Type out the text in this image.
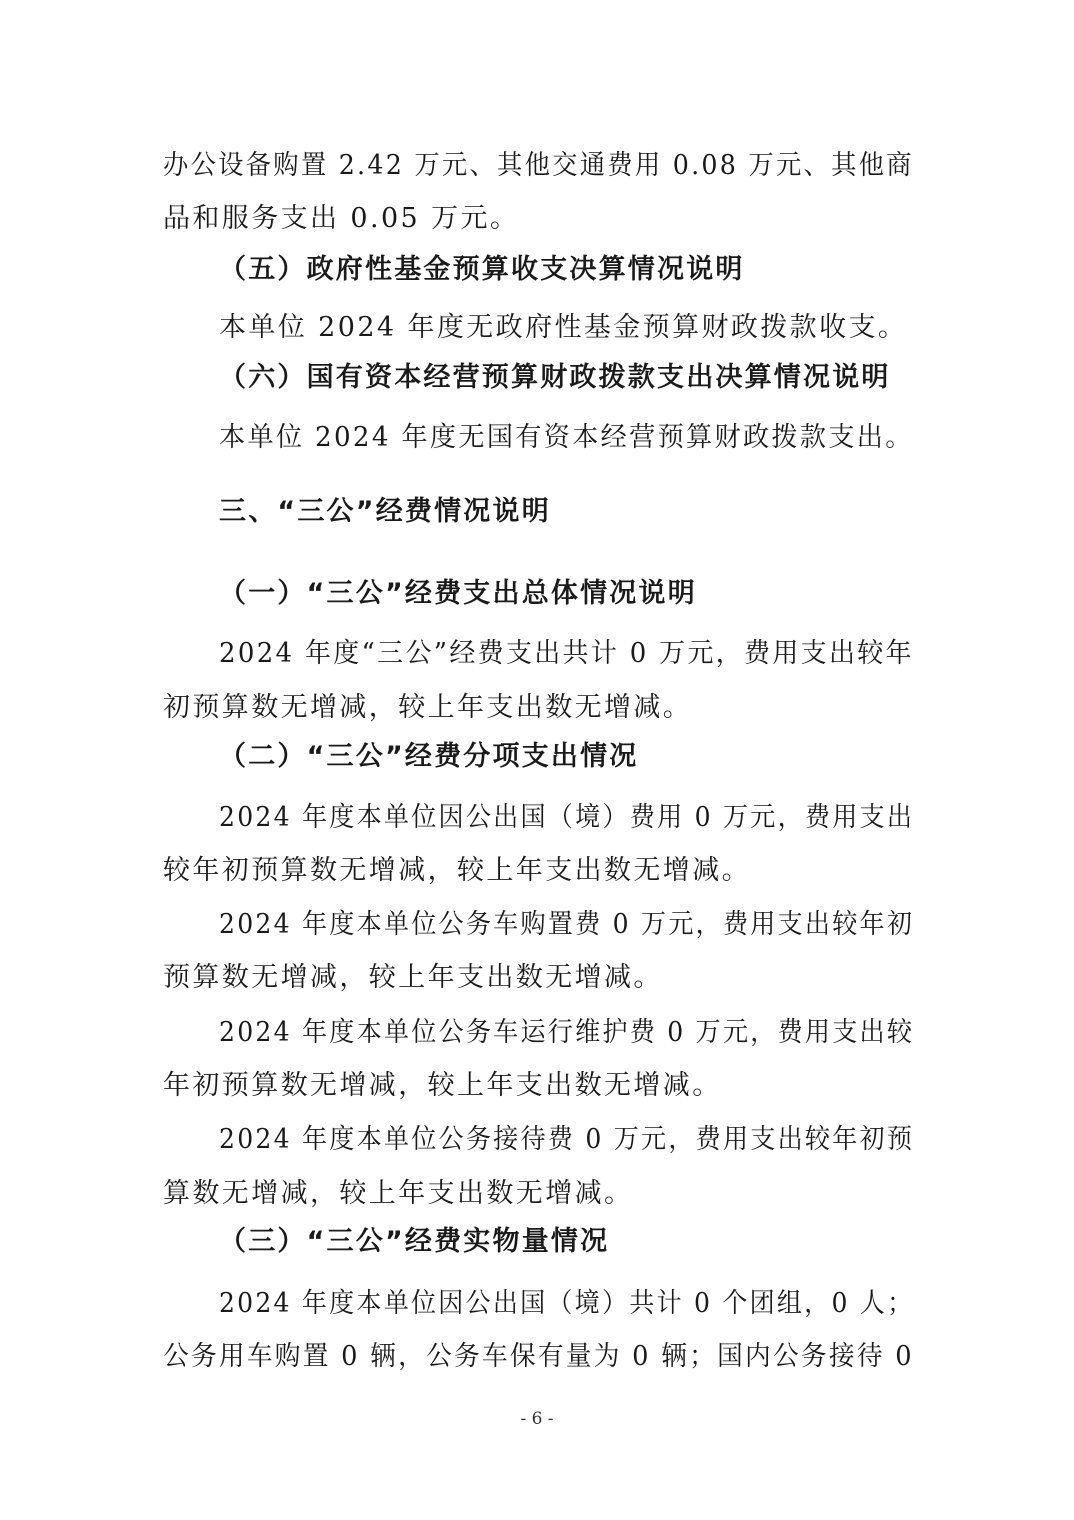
办公设备购置 2.42 万元、其他交通费用 0.08 万元、其他商
品和服务支出 0.05 万元。
（五）政府性基金预算收支决算情况说明
本单位 2024 年度无政府性基金预算财政拨款收支。
（六）国有资本经营预算财政拨款支出决算情况说明
本单位 2024 年度无国有资本经营预算财政拨款支出。
三、“三公”经费情况说明
（一）“三公”经费支出总体情况说明
2024 年度“三公”经费支出共计 0 万元，费用支出较年
初预算数无增减，较上年支出数无增减。
（二）“三公”经费分项支出情况
2024 年度本单位因公出国（境）费用 0 万元，费用支出
较年初预算数无增减，较上年支出数无增减。
2024 年度本单位公务车购置费 0 万元，费用支出较年初
预算数无增减，较上年支出数无增减。
2024 年度本单位公务车运行维护费 0 万元，费用支出较
年初预算数无增减，较上年支出数无增减。
2024 年度本单位公务接待费 0 万元，费用支出较年初预
算数无增减，较上年支出数无增减。
（三）“三公”经费实物量情况
2024 年度本单位因公出国（境）共计 0 个团组，0 人；
公务用车购置 0 辆，公务车保有量为 0 辆；国内公务接待 0
- 6 -
